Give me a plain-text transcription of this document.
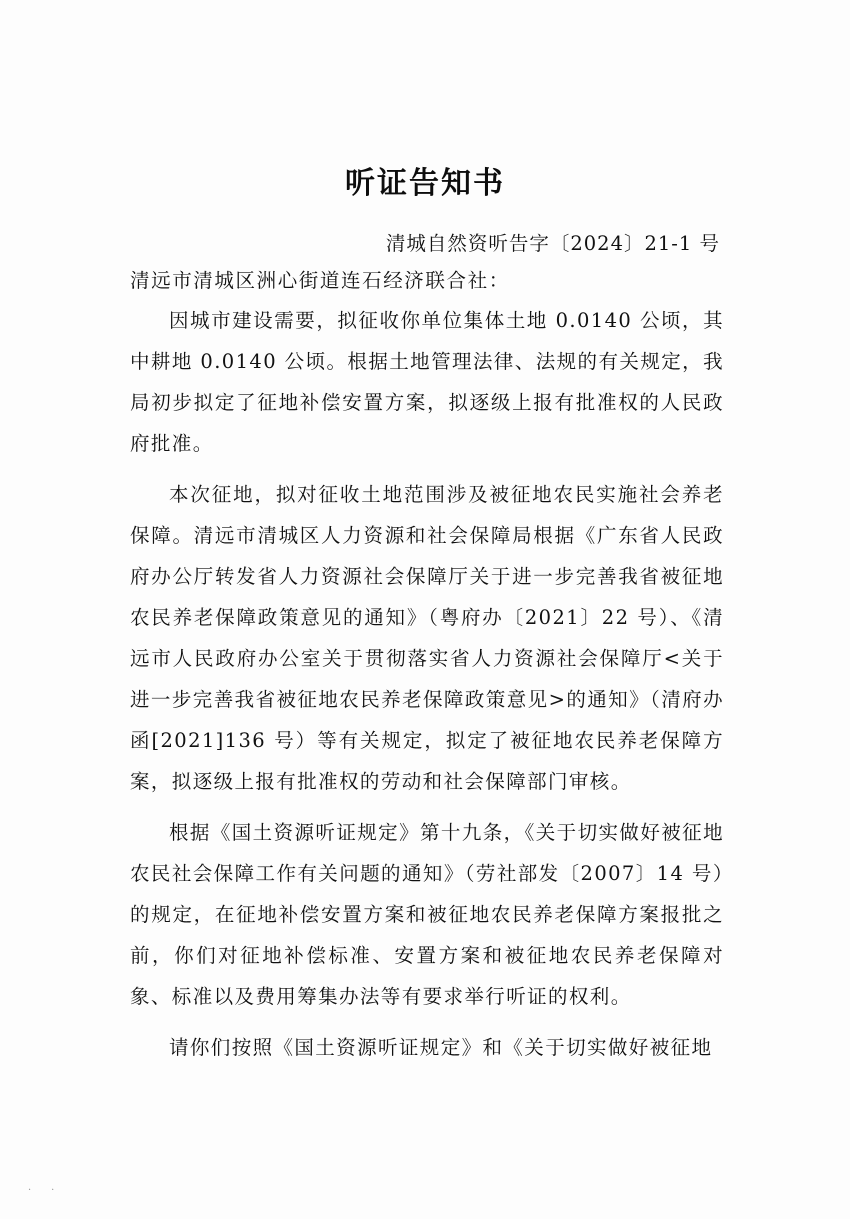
听证告知书
清城自然资听告字〔2024〕21-1 号
清远市清城区洲心街道连石经济联合社：

因城市建设需要，拟征收你单位集体土地 0.0140 公顷，其中耕地 0.0140 公顷。根据土地管理法律、法规的有关规定，我局初步拟定了征地补偿安置方案，拟逐级上报有批准权的人民政府批准。

本次征地，拟对征收土地范围涉及被征地农民实施社会养老保障。清远市清城区人力资源和社会保障局根据《广东省人民政府办公厅转发省人力资源社会保障厅关于进一步完善我省被征地农民养老保障政策意见的通知》（粤府办〔2021〕22 号）、《清远市人民政府办公室关于贯彻落实省人力资源社会保障厅<关于进一步完善我省被征地农民养老保障政策意见>的通知》（清府办函[2021]136 号）等有关规定，拟定了被征地农民养老保障方案，拟逐级上报有批准权的劳动和社会保障部门审核。

根据《国土资源听证规定》第十九条，《关于切实做好被征地农民社会保障工作有关问题的通知》（劳社部发〔2007〕14 号）的规定，在征地补偿安置方案和被征地农民养老保障方案报批之前，你们对征地补偿标准、安置方案和被征地农民养老保障对象、标准以及费用筹集办法等有要求举行听证的权利。

请你们按照《国土资源听证规定》和《关于切实做好被征地

··
